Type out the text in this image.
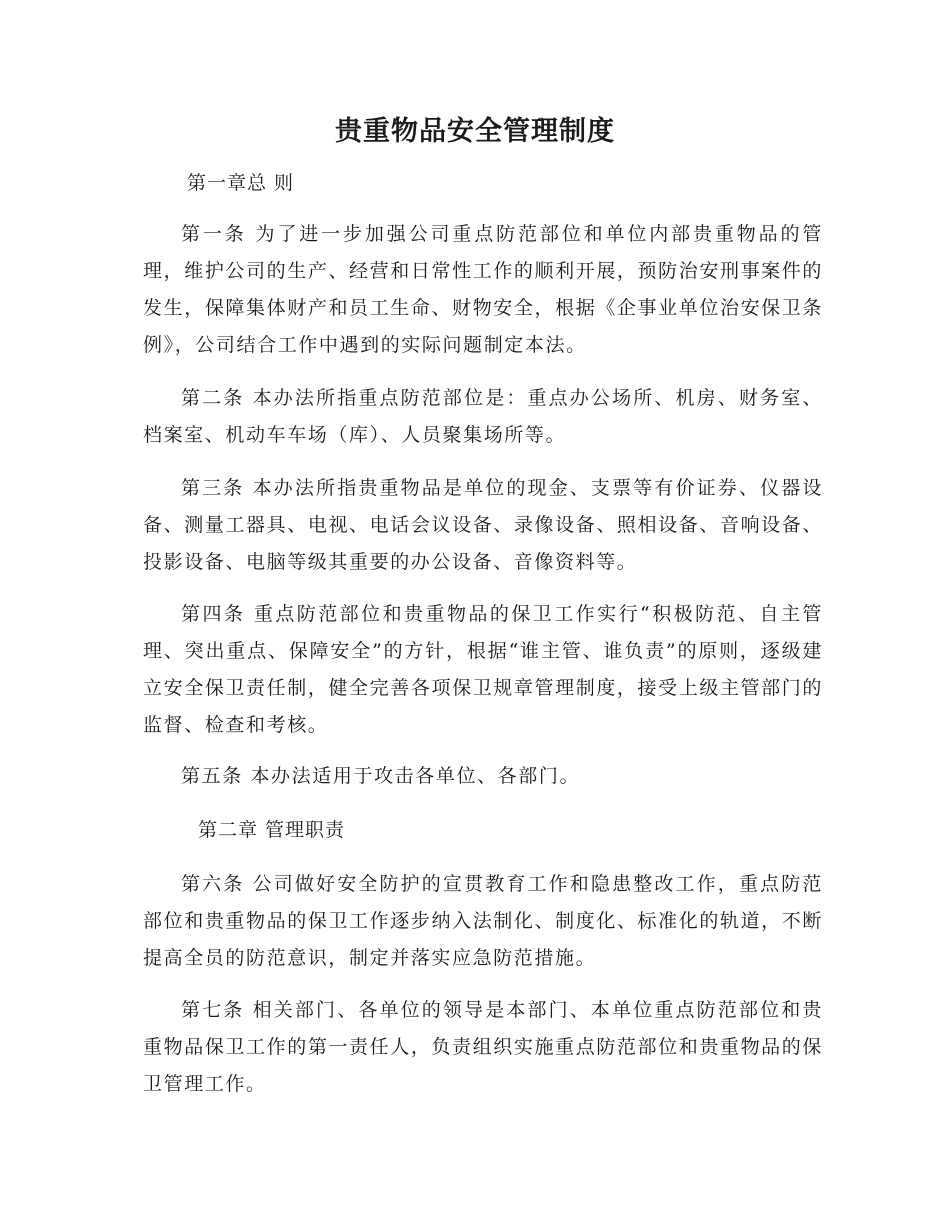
贵重物品安全管理制度

第一章总 则

第一条 为了进一步加强公司重点防范部位和单位内部贵重物品的管理，维护公司的生产、经营和日常性工作的顺利开展，预防治安刑事案件的发生，保障集体财产和员工生命、财物安全，根据《企事业单位治安保卫条例》，公司结合工作中遇到的实际问题制定本法。

第二条 本办法所指重点防范部位是：重点办公场所、机房、财务室、档案室、机动车车场（库）、人员聚集场所等。

第三条 本办法所指贵重物品是单位的现金、支票等有价证券、仪器设备、测量工器具、电视、电话会议设备、录像设备、照相设备、音响设备、投影设备、电脑等级其重要的办公设备、音像资料等。

第四条 重点防范部位和贵重物品的保卫工作实行“积极防范、自主管理、突出重点、保障安全”的方针，根据“谁主管、谁负责”的原则，逐级建立安全保卫责任制，健全完善各项保卫规章管理制度，接受上级主管部门的监督、检查和考核。

第五条 本办法适用于攻击各单位、各部门。

第二章 管理职责

第六条 公司做好安全防护的宣贯教育工作和隐患整改工作，重点防范部位和贵重物品的保卫工作逐步纳入法制化、制度化、标准化的轨道，不断提高全员的防范意识，制定并落实应急防范措施。

第七条 相关部门、各单位的领导是本部门、本单位重点防范部位和贵重物品保卫工作的第一责任人，负责组织实施重点防范部位和贵重物品的保卫管理工作。
